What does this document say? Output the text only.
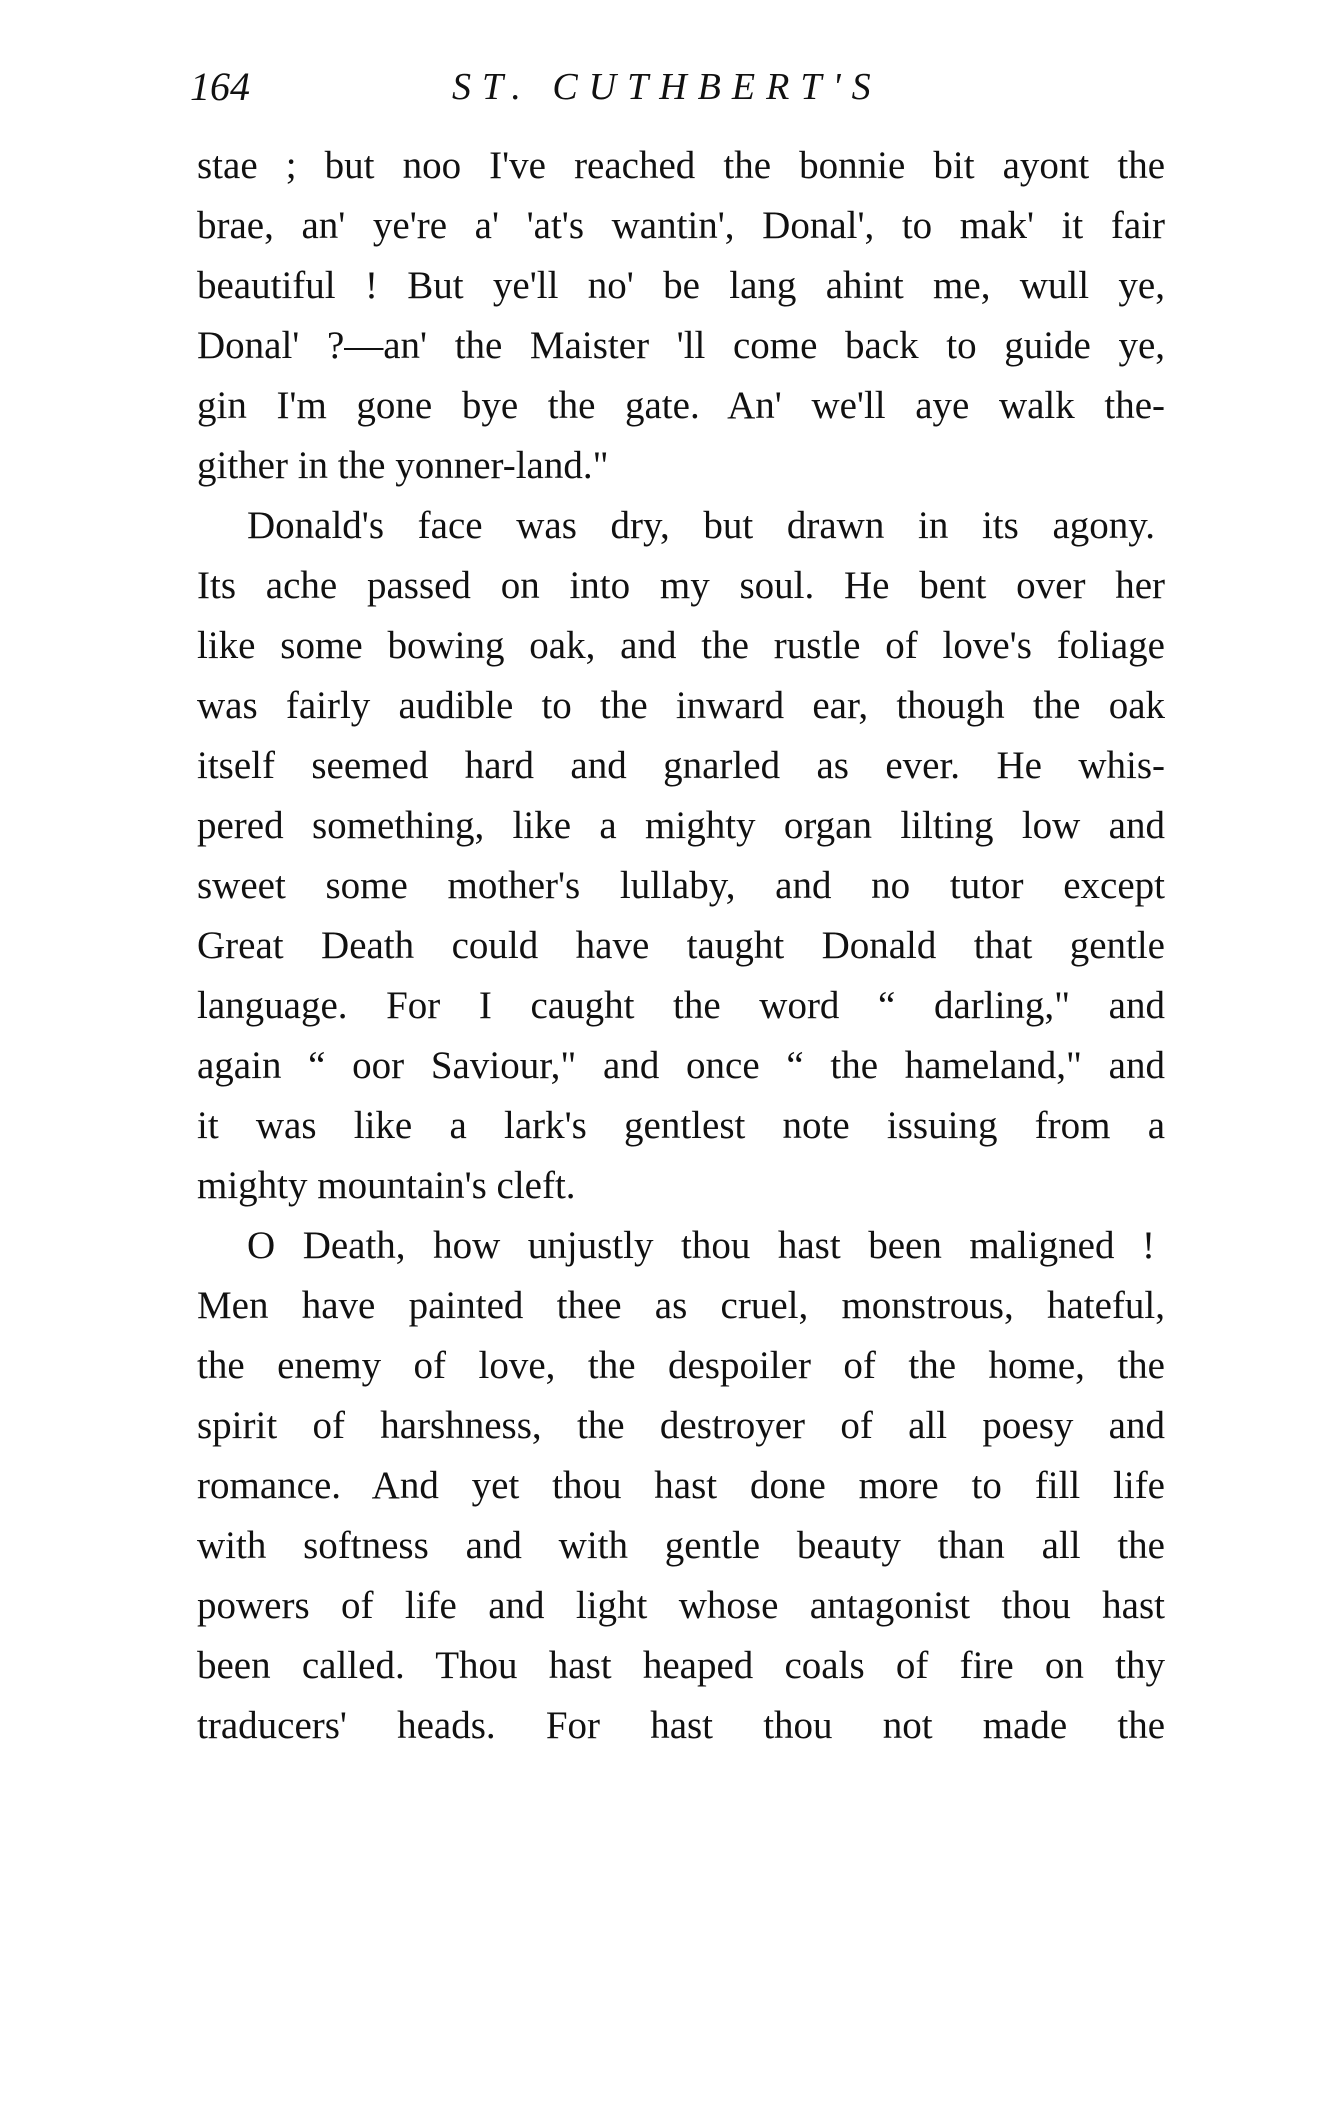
164	ST. CUTHBERT'S
stae ; but noo I've reached the bonnie bit ayont the
brae, an' ye're a' 'at's wantin', Donal', to mak' it fair
beautiful ! But ye'll no' be lang ahint me, wull ye,
Donal' ?—an' the Maister 'll come back to guide ye,
gin I'm gone bye the gate. An' we'll aye walk the-
gither in the yonner-land."
Donald's face was dry, but drawn in its agony.
Its ache passed on into my soul. He bent over her
like some bowing oak, and the rustle of love's foliage
was fairly audible to the inward ear, though the oak
itself seemed hard and gnarled as ever. He whis-
pered something, like a mighty organ lilting low and
sweet some mother's lullaby, and no tutor except
Great Death could have taught Donald that gentle
language. For I caught the word “ darling," and
again “ oor Saviour," and once “ the hameland," and
it was like a lark's gentlest note issuing from a
mighty mountain's cleft.
O Death, how unjustly thou hast been maligned !
Men have painted thee as cruel, monstrous, hateful,
the enemy of love, the despoiler of the home, the
spirit of harshness, the destroyer of all poesy and
romance. And yet thou hast done more to fill life
with softness and with gentle beauty than all the
powers of life and light whose antagonist thou hast
been called. Thou hast heaped coals of fire on thy
traducers' heads. For hast thou not made the
